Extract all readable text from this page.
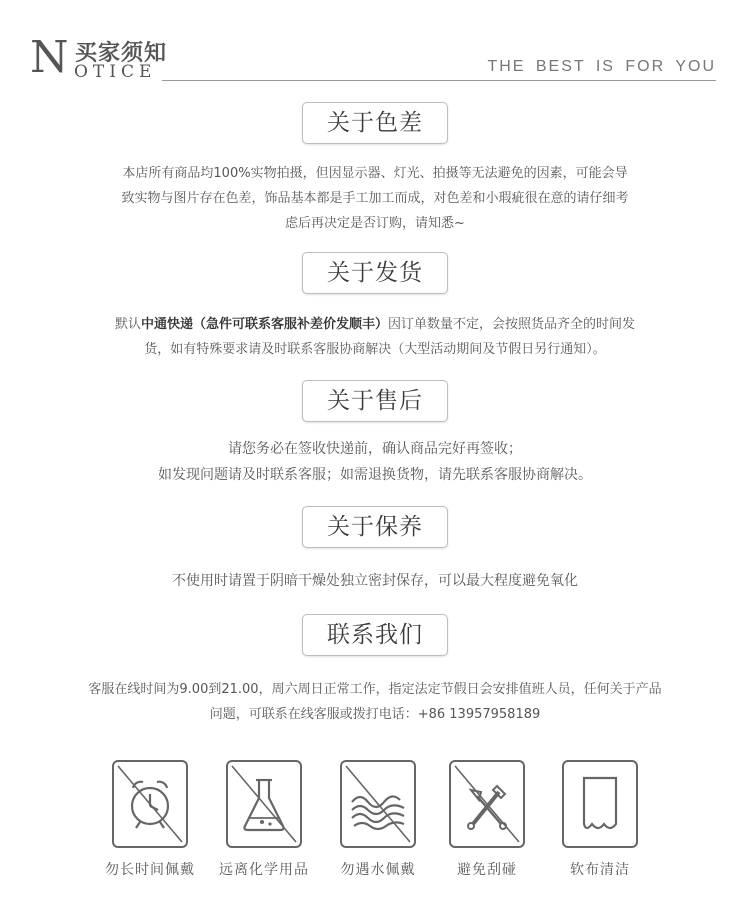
N 买家须知
OTICE	THE BEST IS FOR YOU
关于色差
本店所有商品均100%实物拍摄，但因显示器、灯光、拍摄等无法避免的因素，可能会导
致实物与图片存在色差，饰品基本都是手工加工而成，对色差和小瑕疵很在意的请仔细考
虑后再决定是否订购，请知悉~
关于发货
默认中通快递（急件可联系客服补差价发顺丰）因订单数量不定，会按照货品齐全的时间发
货，如有特殊要求请及时联系客服协商解决（大型活动期间及节假日另行通知）。
关于售后
请您务必在签收快递前，确认商品完好再签收；
如发现问题请及时联系客服；如需退换货物，请先联系客服协商解决。
关于保养
不使用时请置于阴暗干燥处独立密封保存，可以最大程度避免氧化
联系我们
客服在线时间为9.00到21.00，周六周日正常工作，指定法定节假日会安排值班人员，任何关于产品
问题，可联系在线客服或拨打电话：+86 13957958189
勿长时间佩戴	远离化学用品	勿遇水佩戴	避免刮碰	软布清洁
